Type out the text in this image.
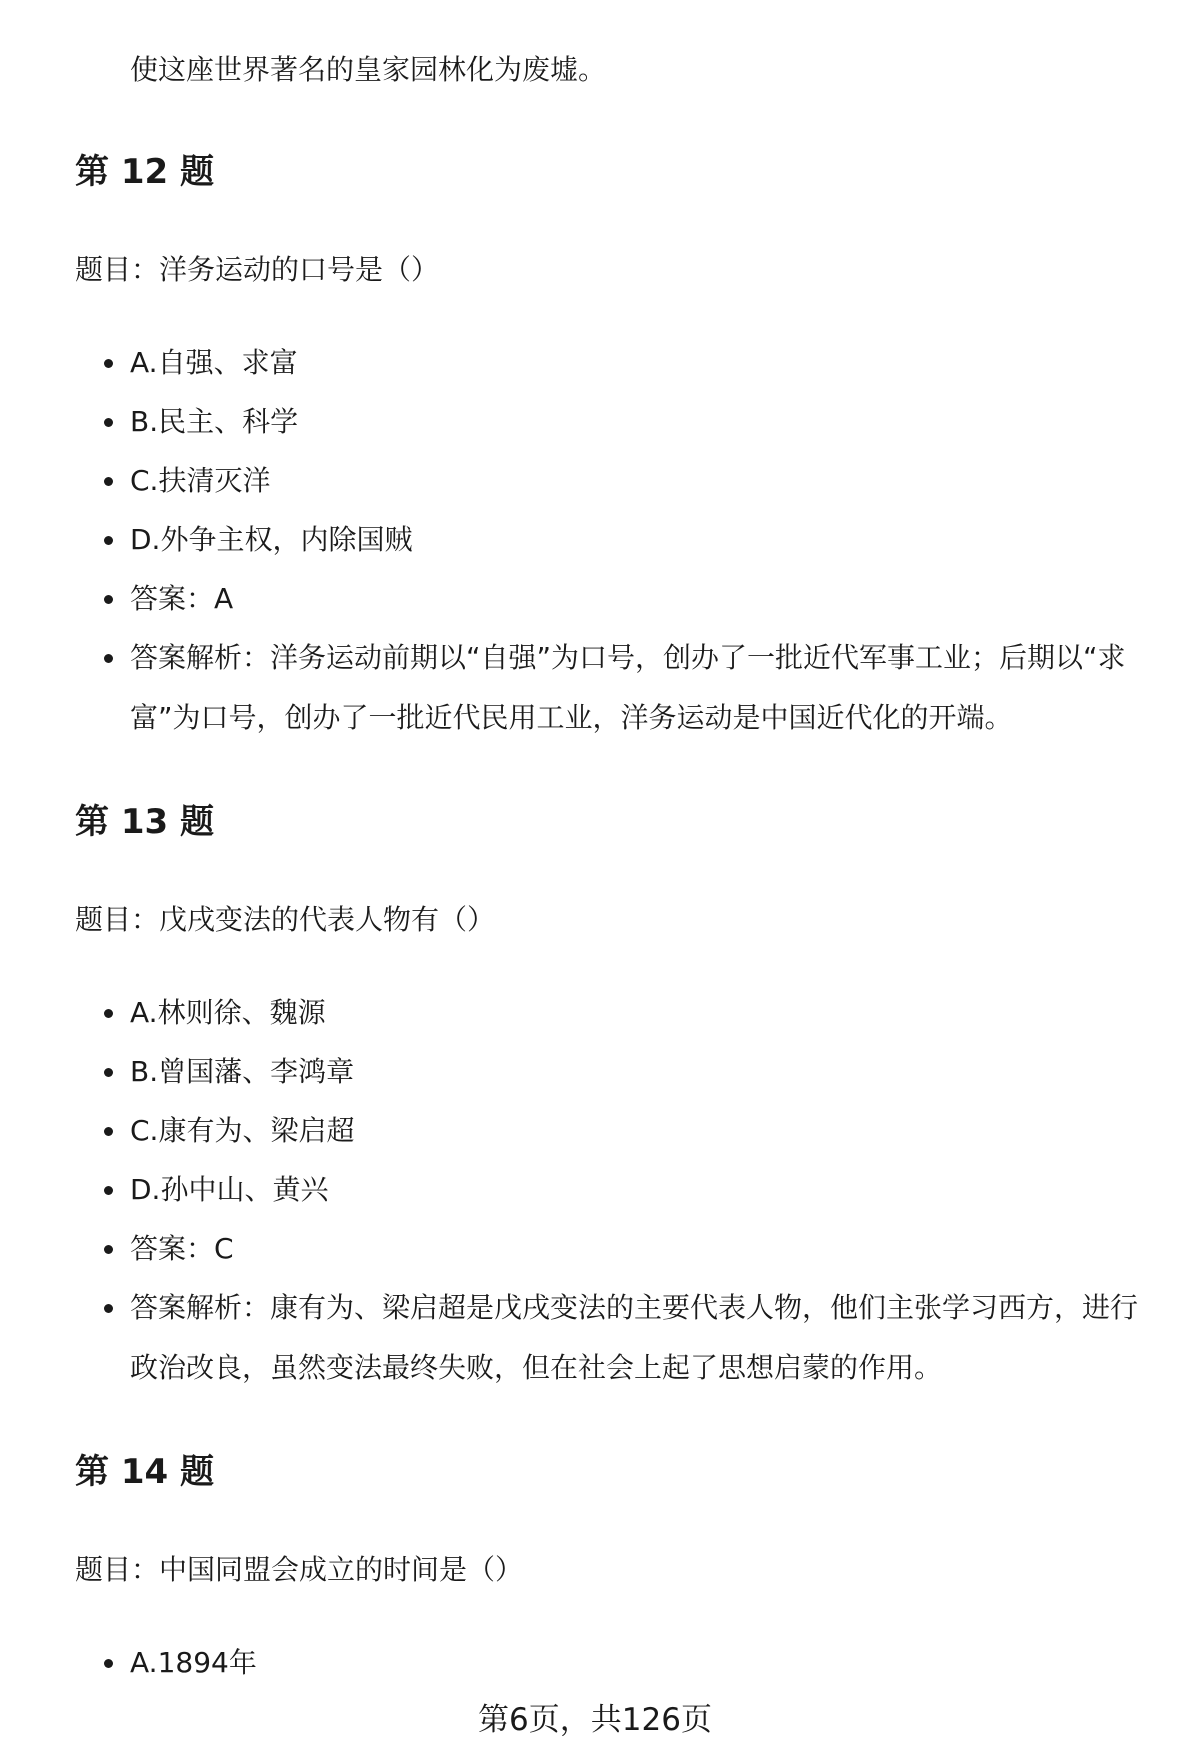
使这座世界著名的皇家园林化为废墟。

第 12 题

题目：洋务运动的口号是（）

A.自强、求富
B.民主、科学
C.扶清灭洋
D.外争主权，内除国贼
答案：A
答案解析：洋务运动前期以“自强”为口号，创办了一批近代军事工业；后期以“求富”为口号，创办了一批近代民用工业，洋务运动是中国近代化的开端。
第 13 题

题目：戊戌变法的代表人物有（）

A.林则徐、魏源
B.曾国藩、李鸿章
C.康有为、梁启超
D.孙中山、黄兴
答案：C
答案解析：康有为、梁启超是戊戌变法的主要代表人物，他们主张学习西方，进行政治改良，虽然变法最终失败，但在社会上起了思想启蒙的作用。
第 14 题

题目：中国同盟会成立的时间是（）

A.1894年
第6页，共126页
